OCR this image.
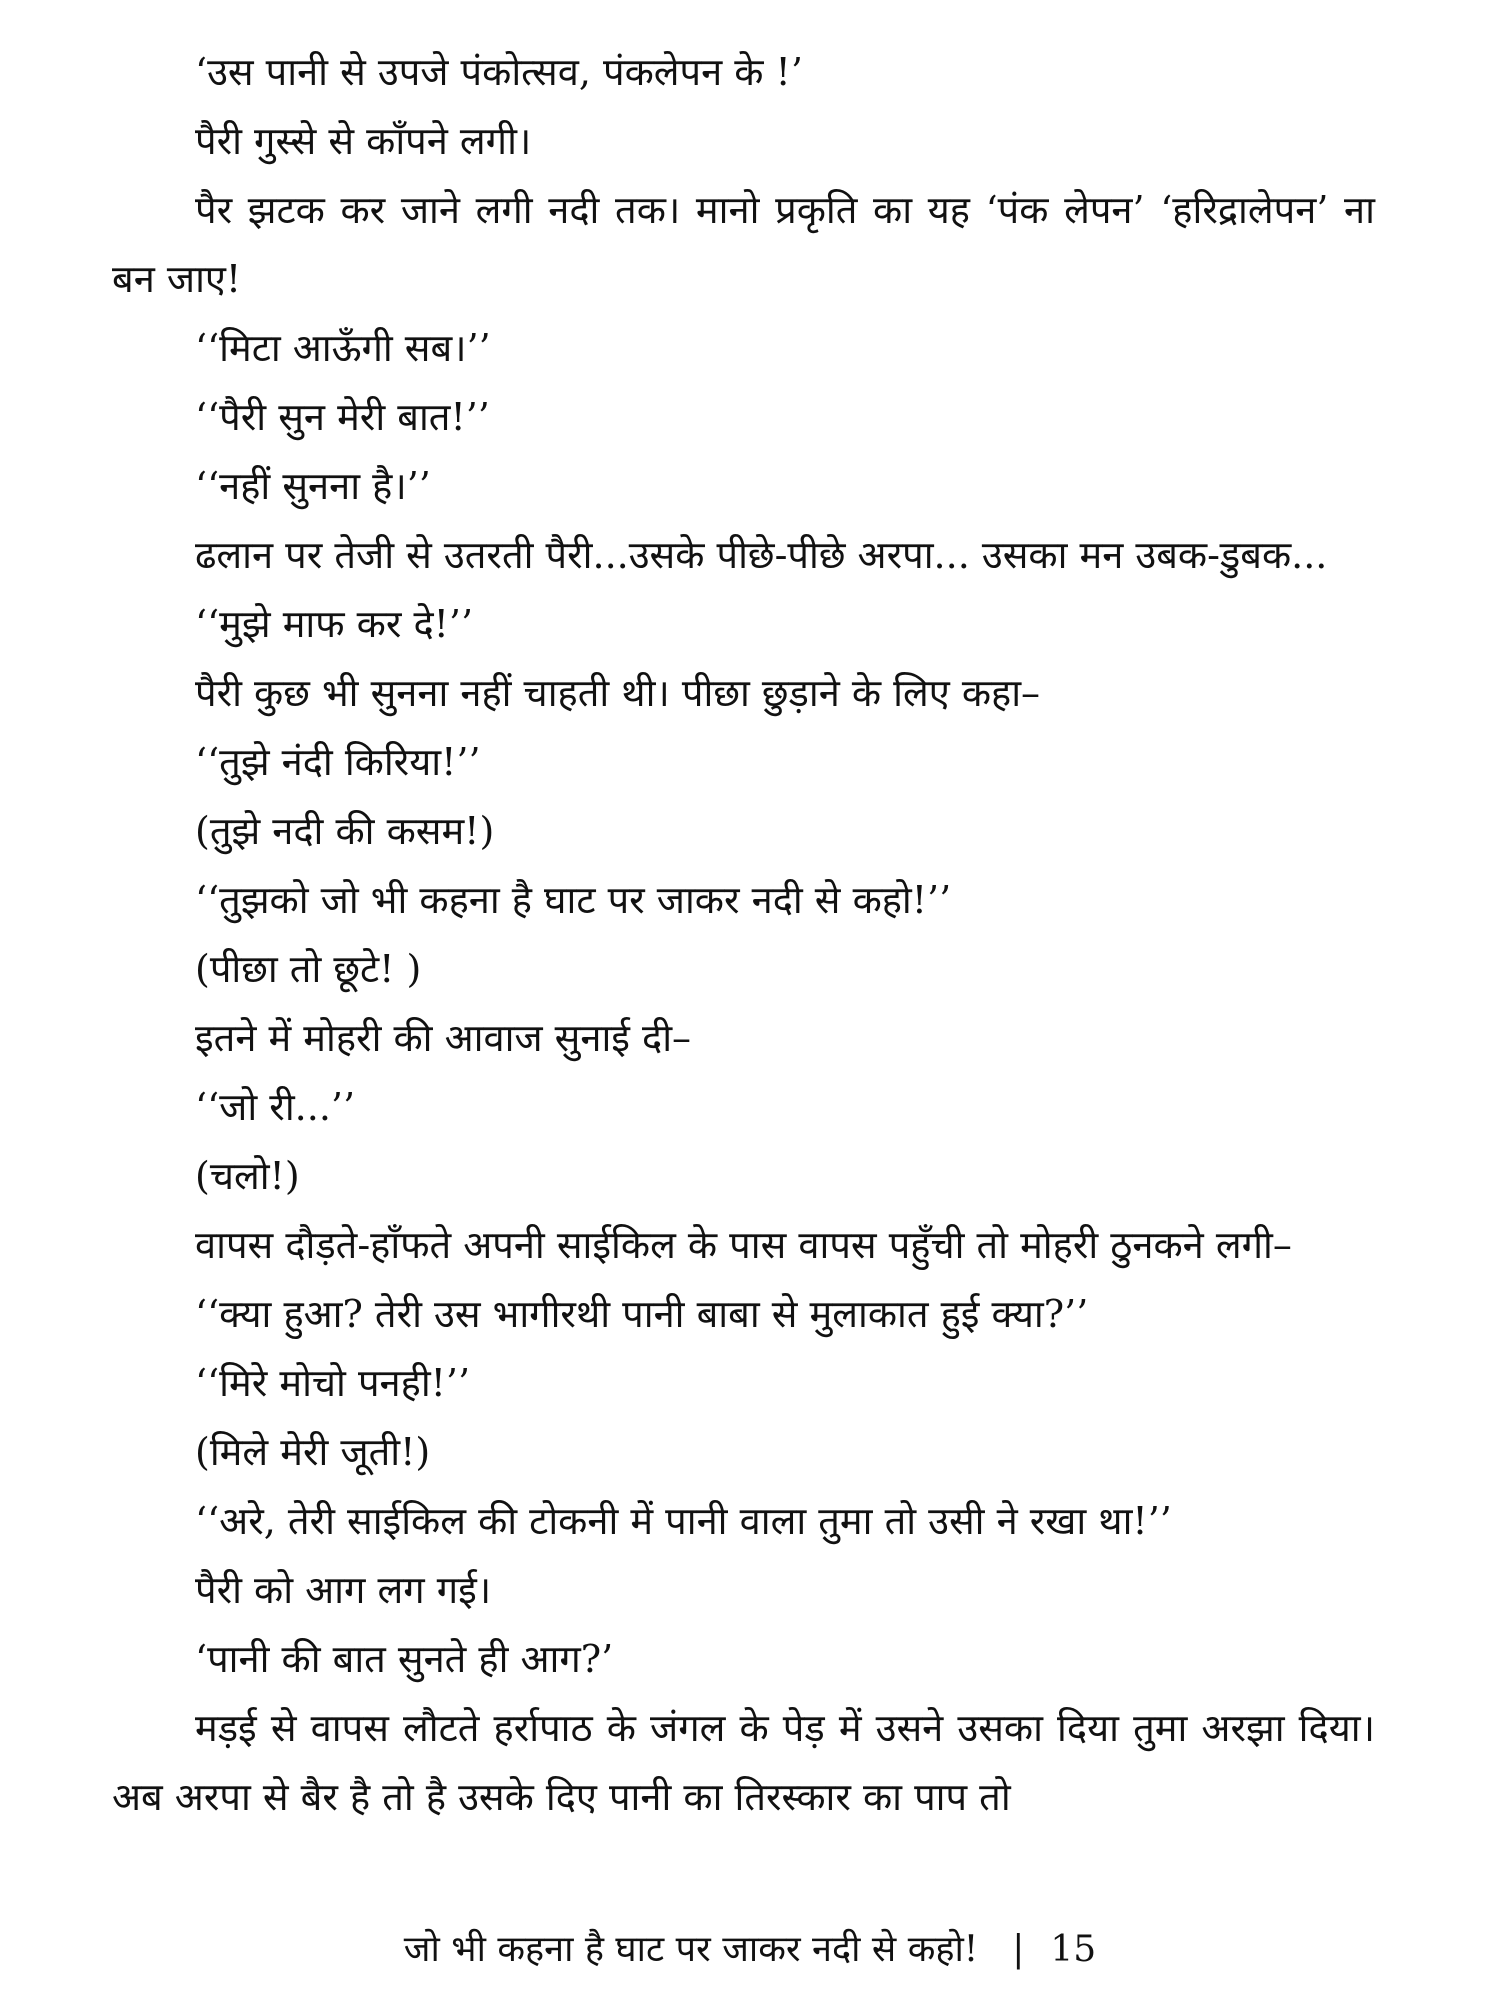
‘उस पानी से उपजे पंकोत्सव, पंकलेपन के !’

पैरी गुस्से से काँपने लगी।

पैर झटक कर जाने लगी नदी तक। मानो प्रकृति का यह ‘पंक लेपन’ ‘हरिद्रालेपन’ ना बन जाए!

‘‘मिटा आऊँगी सब।’’

‘‘पैरी सुन मेरी बात!’’

‘‘नहीं सुनना है।’’

ढलान पर तेजी से उतरती पैरी...उसके पीछे-पीछे अरपा... उसका मन उबक-डुबक...

‘‘मुझे माफ कर दे!’’

पैरी कुछ भी सुनना नहीं चाहती थी। पीछा छुड़ाने के लिए कहा–

‘‘तुझे नंदी किरिया!’’

(तुझे नदी की कसम!)

‘‘तुझको जो भी कहना है घाट पर जाकर नदी से कहो!’’

(पीछा तो छूटे! )

इतने में मोहरी की आवाज सुनाई दी–

‘‘जो री...’’

(चलो!)

वापस दौड़ते-हाँफते अपनी साईकिल के पास वापस पहुँची तो मोहरी ठुनकने लगी–

‘‘क्या हुआ? तेरी उस भागीरथी पानी बाबा से मुलाकात हुई क्या?’’

‘‘मिरे मोचो पनही!’’

(मिले मेरी जूती!)

‘‘अरे, तेरी साईकिल की टोकनी में पानी वाला तुमा तो उसी ने रखा था!’’

पैरी को आग लग गई।

‘पानी की बात सुनते ही आग?’

मड़ई से वापस लौटते हर्रापाठ के जंगल के पेड़ में उसने उसका दिया तुमा अरझा दिया। अब अरपा से बैर है तो है उसके दिए पानी का तिरस्कार का पाप तो

जो भी कहना है घाट पर जाकर नदी से कहो! | 15
